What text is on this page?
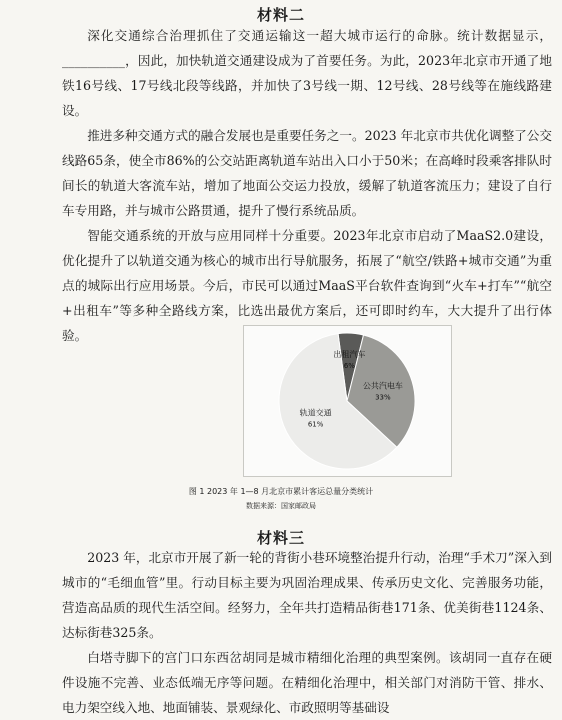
材料二

深化交通综合治理抓住了交通运输这一超大城市运行的命脉。统计数据显示，__________，因此，加快轨道交通建设成为了首要任务。为此，2023年北京市开通了地铁16号线、17号线北段等线路，并加快了3号线一期、12号线、28号线等在施线路建设。

推进多种交通方式的融合发展也是重要任务之一。2023 年北京市共优化调整了公交线路65条，使全市86%的公交站距离轨道车站出入口小于50米；在高峰时段乘客排队时间长的轨道大客流车站，增加了地面公交运力投放，缓解了轨道客流压力；建设了自行车专用路，并与城市公路贯通，提升了慢行系统品质。

智能交通系统的开放与应用同样十分重要。2023年北京市启动了MaaS2.0建设，优化提升了以轨道交通为核心的城市出行导航服务，拓展了“航空/铁路+城市交通”为重点的城际出行应用场景。今后，市民可以通过MaaS平台软件查询到“火车+打车”“航空+出租车”等多种全路线方案，比选出最优方案后，还可即时约车，大大提升了出行体验。

轨道交通
61%
公共汽电车
33%
出租汽车
6%
图 1 2023 年 1—8 月北京市累计客运总量分类统计
数据来源：国家邮政局
材料三

2023 年，北京市开展了新一轮的背街小巷环境整治提升行动，治理“手术刀”深入到城市的“毛细血管”里。行动目标主要为巩固治理成果、传承历史文化、完善服务功能，营造高品质的现代生活空间。经努力，全年共打造精品街巷171条、优美街巷1124条、达标街巷325条。

白塔寺脚下的宫门口东西岔胡同是城市精细化治理的典型案例。该胡同一直存在硬件设施不完善、业态低端无序等问题。在精细化治理中，相关部门对消防干管、排水、电力架空线入地、地面铺装、景观绿化、市政照明等基础设
